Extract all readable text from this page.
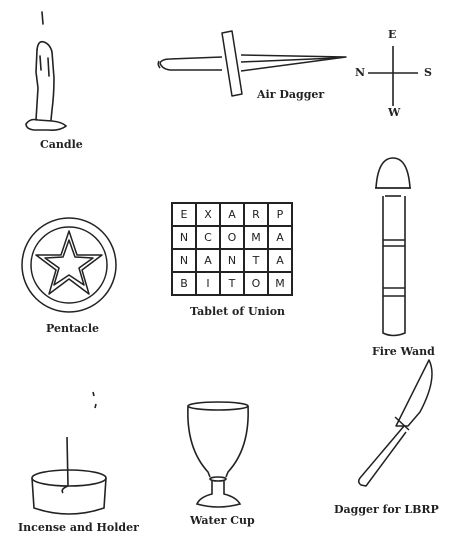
Candle
Air Dagger
E
N	S
W
E	X	A	R	P
N	C	O	M	A
N	A	N	T	A
B	I	T	O	M
Tablet of Union
Pentacle
Fire Wand
Incense and Holder
Water Cup
Dagger for LBRP
